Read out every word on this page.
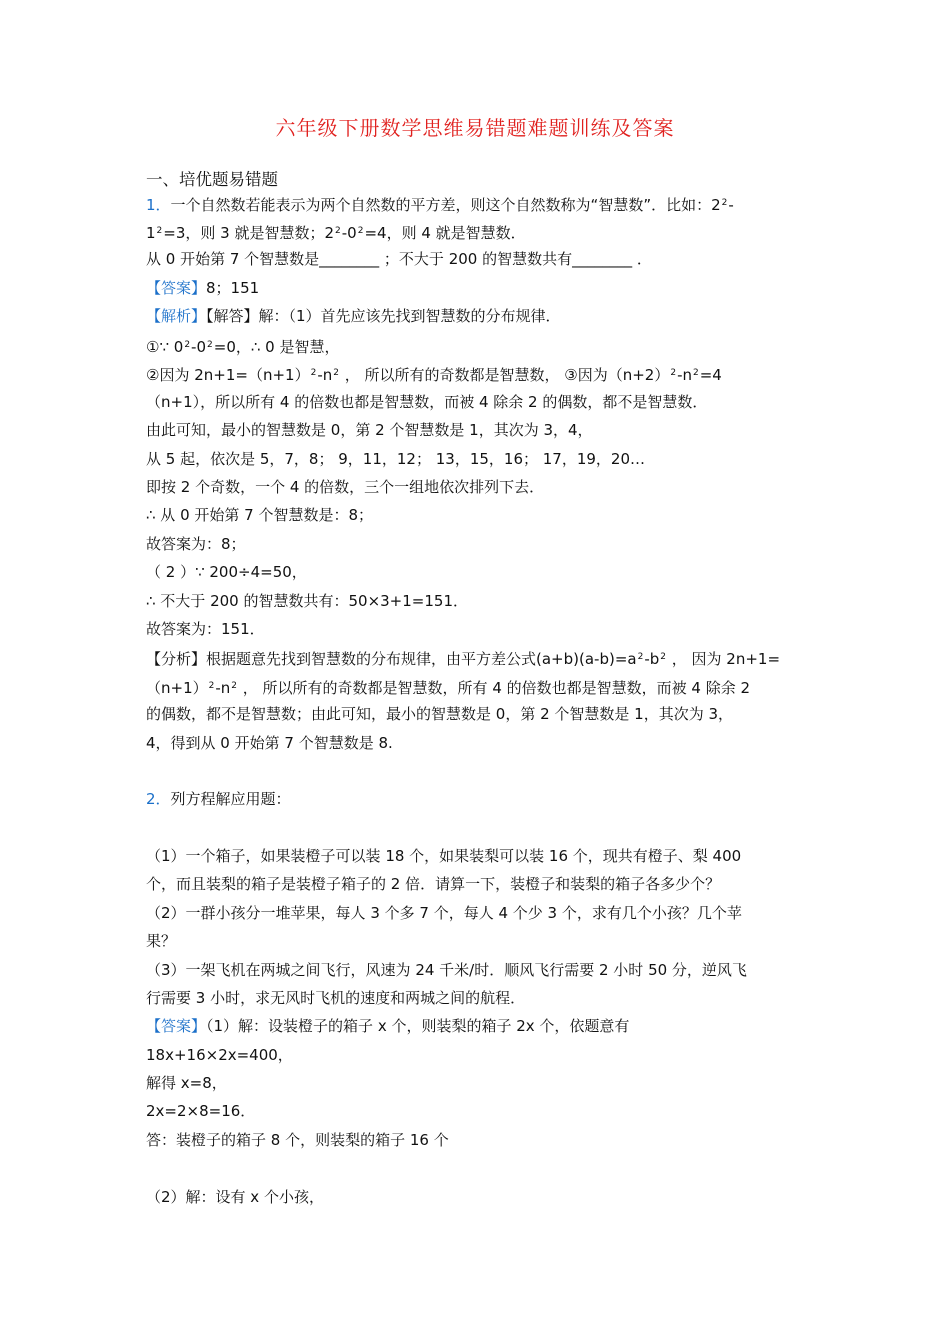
六年级下册数学思维易错题难题训练及答案
一、培优题易错题
1．一个自然数若能表示为两个自然数的平方差，则这个自然数称为“智慧数”．比如：$2^2-$
$1^2=3$，则 3 就是智慧数；$2^2-0^2=4$，则 4 就是智慧数．
从 0 开始第 7 个智慧数是________ ；不大于 200 的智慧数共有________ ．
【答案】8；151
【解析】【解答】解：（1）首先应该先找到智慧数的分布规律．
①∵ $0^2-0^2=0$，∴ 0 是智慧，
②因为 $2n+1=(n+1)^2-n^2$ ， 所以所有的奇数都是智慧数， ③因为$(n+2)^2-n^2=4$
（n+1），所以所有 4 的倍数也都是智慧数，而被 4 除余 2 的偶数，都不是智慧数．
由此可知，最小的智慧数是 0，第 2 个智慧数是 1，其次为 3，4，
从 5 起，依次是 5，7，8； 9，11，12； 13，15，16； 17，19，20…
即按 2 个奇数，一个 4 的倍数，三个一组地依次排列下去．
∴ 从 0 开始第 7 个智慧数是：8；
故答案为：8；
（ 2 ）∵ 200÷4=50，
∴ 不大于 200 的智慧数共有：50×3+1=151．
故答案为：151．
【分析】根据题意先找到智慧数的分布规律，由平方差公式$(a+b)(a-b)=a^2-b^2$ ， 因为 2n+1=
$(n+1)^2-n^2$ ， 所以所有的奇数都是智慧数，所有 4 的倍数也都是智慧数，而被 4 除余 2
的偶数，都不是智慧数；由此可知，最小的智慧数是 0，第 2 个智慧数是 1，其次为 3，
4，得到从 0 开始第 7 个智慧数是 8.
2．列方程解应用题：
（1）一个箱子，如果装橙子可以装 18 个，如果装梨可以装 16 个，现共有橙子、梨 400
个，而且装梨的箱子是装橙子箱子的 2 倍．请算一下，装橙子和装梨的箱子各多少个？
（2）一群小孩分一堆苹果，每人 3 个多 7 个，每人 4 个少 3 个，求有几个小孩？几个苹
果？
（3）一架飞机在两城之间飞行，风速为 24 千米/时．顺风飞行需要 2 小时 50 分，逆风飞
行需要 3 小时，求无风时飞机的速度和两城之间的航程．
【答案】（1）解：设装橙子的箱子 x 个，则装梨的箱子 2x 个，依题意有
18x+16×2x=400，
解得 x=8，
2x=2×8=16．
答：装橙子的箱子 8 个，则装梨的箱子 16 个
（2）解：设有 x 个小孩，
